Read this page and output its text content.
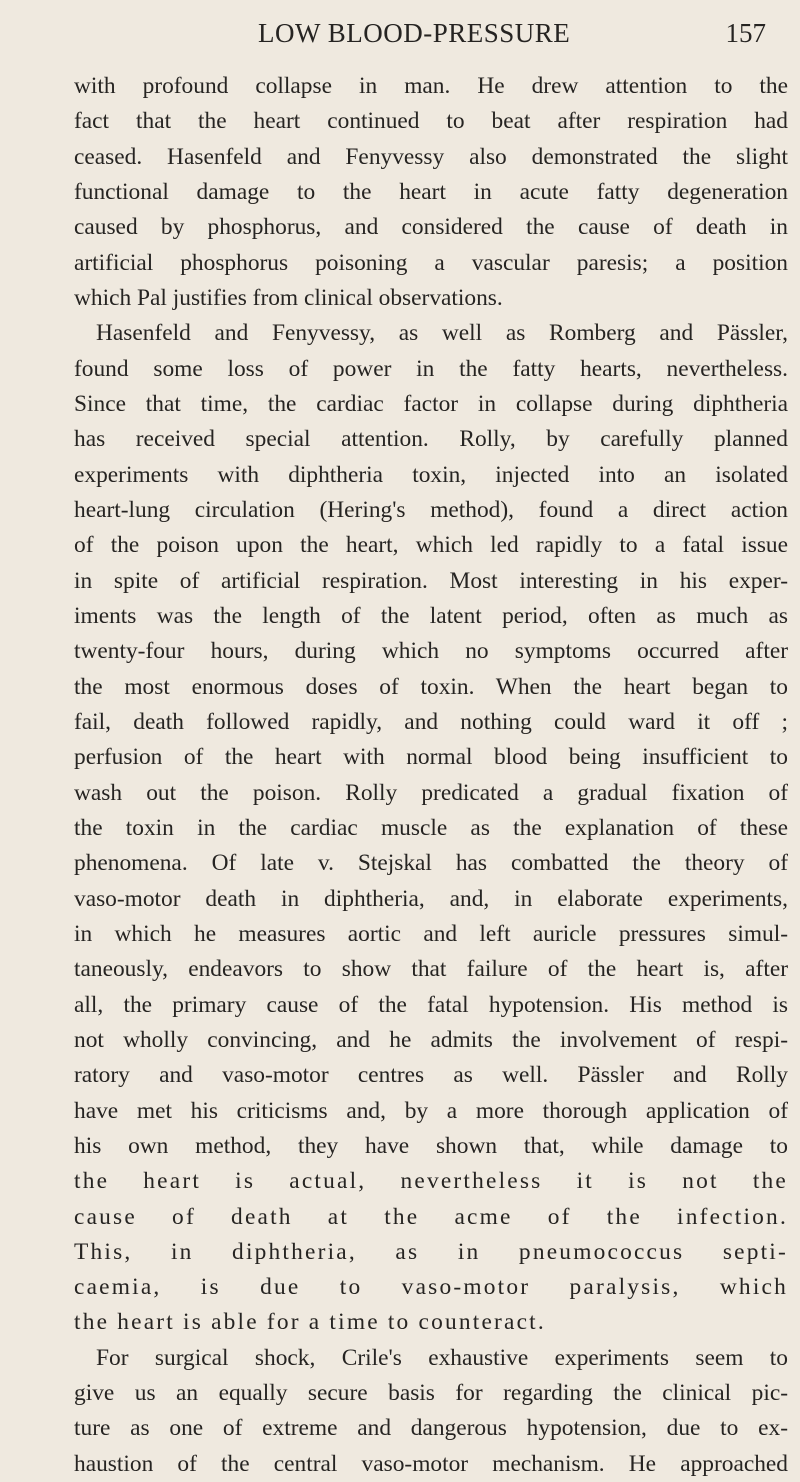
LOW BLOOD-PRESSURE	157
with profound collapse in man. He drew attention to the
fact that the heart continued to beat after respiration had
ceased. Hasenfeld and Fenyvessy also demonstrated the slight
functional damage to the heart in acute fatty degeneration
caused by phosphorus, and considered the cause of death in
artificial phosphorus poisoning a vascular paresis; a position
which Pal justifies from clinical observations.
Hasenfeld and Fenyvessy, as well as Romberg and Pässler,
found some loss of power in the fatty hearts, nevertheless.
Since that time, the cardiac factor in collapse during diphtheria
has received special attention. Rolly, by carefully planned
experiments with diphtheria toxin, injected into an isolated
heart-lung circulation (Hering's method), found a direct action
of the poison upon the heart, which led rapidly to a fatal issue
in spite of artificial respiration. Most interesting in his exper-
iments was the length of the latent period, often as much as
twenty-four hours, during which no symptoms occurred after
the most enormous doses of toxin. When the heart began to
fail, death followed rapidly, and nothing could ward it off ;
perfusion of the heart with normal blood being insufficient to
wash out the poison. Rolly predicated a gradual fixation of
the toxin in the cardiac muscle as the explanation of these
phenomena. Of late v. Stejskal has combatted the theory of
vaso-motor death in diphtheria, and, in elaborate experiments,
in which he measures aortic and left auricle pressures simul-
taneously, endeavors to show that failure of the heart is, after
all, the primary cause of the fatal hypotension. His method is
not wholly convincing, and he admits the involvement of respi-
ratory and vaso-motor centres as well. Pässler and Rolly
have met his criticisms and, by a more thorough application of
his own method, they have shown that, while damage to
the heart is actual, nevertheless it is not the
cause of death at the acme of the infection.
This, in diphtheria, as in pneumococcus septi-
caemia, is due to vaso-motor paralysis, which
the heart is able for a time to counteract.
For surgical shock, Crile's exhaustive experiments seem to
give us an equally secure basis for regarding the clinical pic-
ture as one of extreme and dangerous hypotension, due to ex-
haustion of the central vaso-motor mechanism. He approached
